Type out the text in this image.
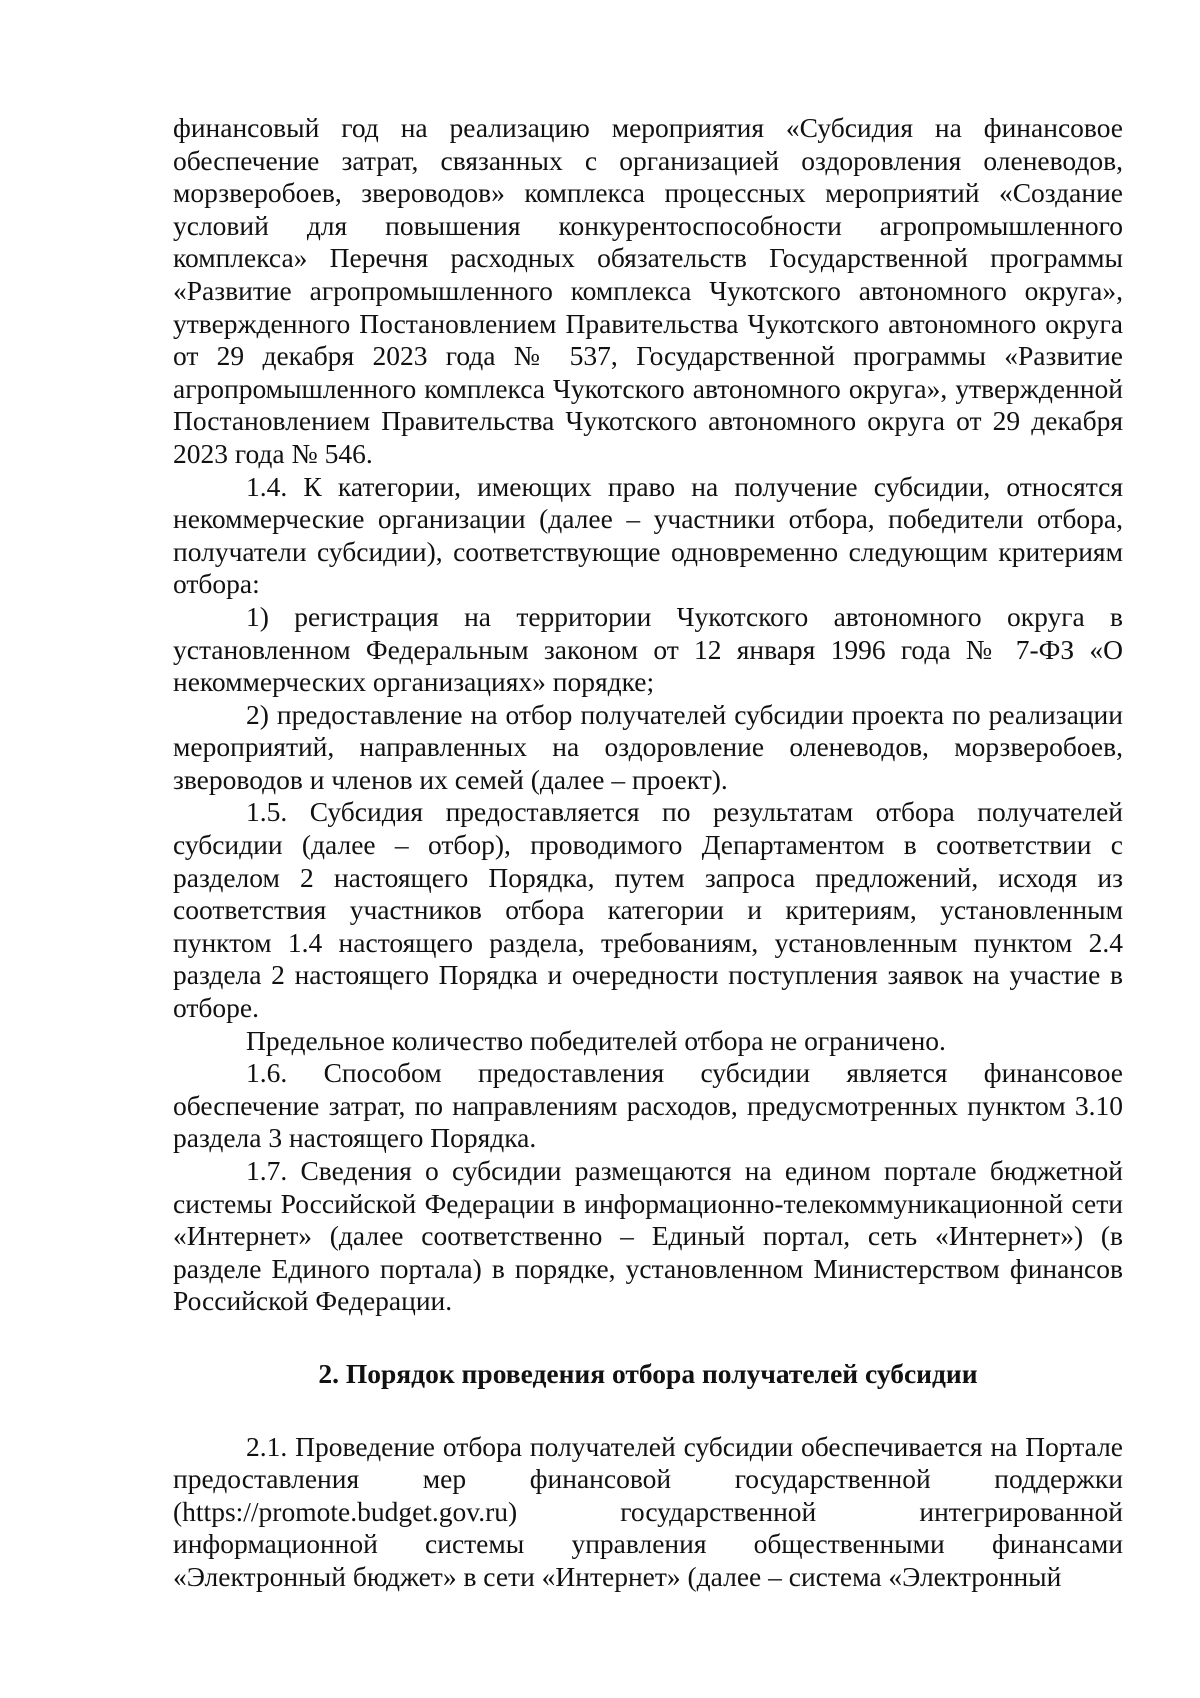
финансовый год на реализацию мероприятия «Субсидия на финансовое обеспечение затрат, связанных с организацией оздоровления оленеводов, морзверобоев, звероводов» комплекса процессных мероприятий «Создание условий для повышения конкурентоспособности агропромышленного комплекса» Перечня расходных обязательств Государственной программы «Развитие агропромышленного комплекса Чукотского автономного округа», утвержденного Постановлением Правительства Чукотского автономного округа от 29 декабря 2023 года № 537, Государственной программы «Развитие агропромышленного комплекса Чукотского автономного округа», утвержденной Постановлением Правительства Чукотского автономного округа от 29 декабря 2023 года № 546.

1.4. К категории, имеющих право на получение субсидии, относятся некоммерческие организации (далее – участники отбора, победители отбора, получатели субсидии), соответствующие одновременно следующим критериям отбора:

1) регистрация на территории Чукотского автономного округа в установленном Федеральным законом от 12 января 1996 года № 7-ФЗ «О некоммерческих организациях» порядке;

2) предоставление на отбор получателей субсидии проекта по реализации мероприятий, направленных на оздоровление оленеводов, морзверобоев, звероводов и членов их семей (далее – проект).

1.5. Субсидия предоставляется по результатам отбора получателей субсидии (далее – отбор), проводимого Департаментом в соответствии с разделом 2 настоящего Порядка, путем запроса предложений, исходя из соответствия участников отбора категории и критериям, установленным пунктом 1.4 настоящего раздела, требованиям, установленным пунктом 2.4 раздела 2 настоящего Порядка и очередности поступления заявок на участие в отборе.

Предельное количество победителей отбора не ограничено.

1.6. Способом предоставления субсидии является финансовое обеспечение затрат, по направлениям расходов, предусмотренных пунктом 3.10 раздела 3 настоящего Порядка.

1.7. Сведения о субсидии размещаются на едином портале бюджетной системы Российской Федерации в информационно-телекоммуникационной сети «Интернет» (далее соответственно – Единый портал, сеть «Интернет») (в разделе Единого портала) в порядке, установленном Министерством финансов Российской Федерации.

2. Порядок проведения отбора получателей субсидии

2.1. Проведение отбора получателей субсидии обеспечивается на Портале предоставления мер финансовой государственной поддержки (https://promote.budget.gov.ru) государственной интегрированной информационной системы управления общественными финансами «Электронный бюджет» в сети «Интернет» (далее – система «Электронный
